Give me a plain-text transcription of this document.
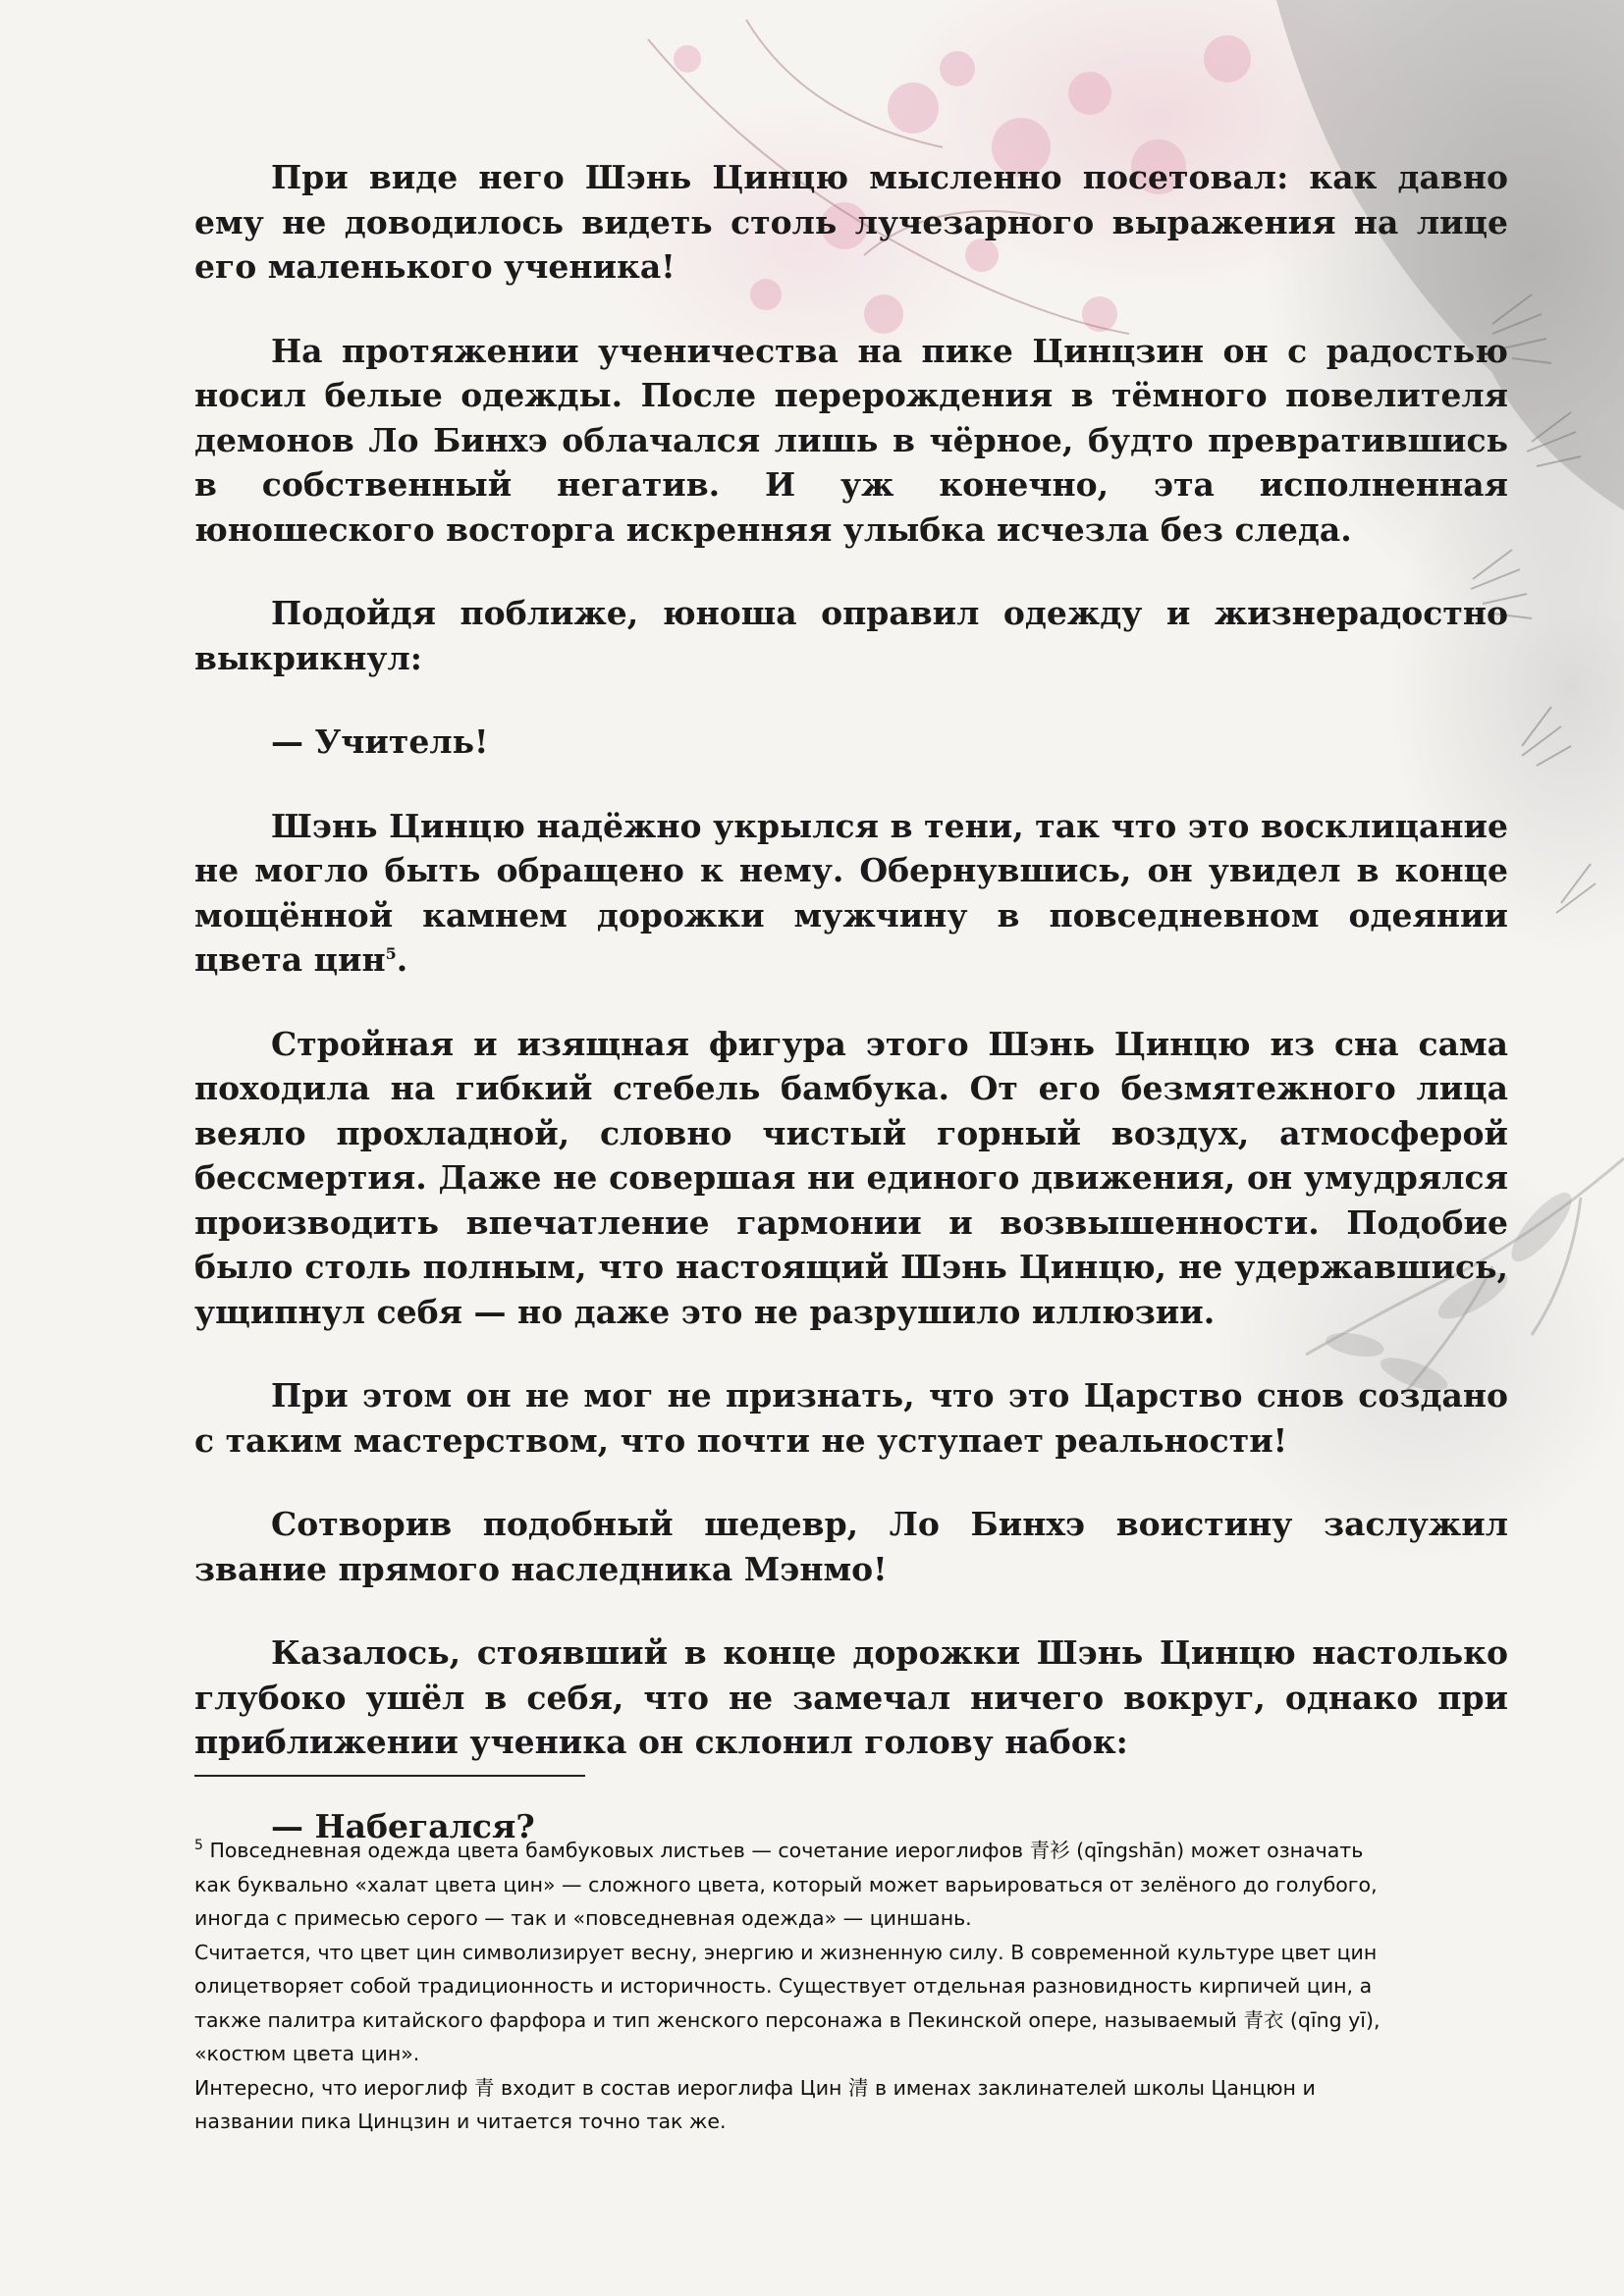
При виде него Шэнь Цинцю мысленно посетовал: как давно ему не доводилось видеть столь лучезарного выражения на лице его маленького ученика!

На протяжении ученичества на пике Цинцзин он с радостью носил белые одежды. После перерождения в тёмного повелителя демонов Ло Бинхэ облачался лишь в чёрное, будто превратившись в собственный негатив. И уж конечно, эта исполненная юношеского восторга искренняя улыбка исчезла без следа.

Подойдя поближе, юноша оправил одежду и жизнерадостно выкрикнул:

— Учитель!

Шэнь Цинцю надёжно укрылся в тени, так что это восклицание не могло быть обращено к нему. Обернувшись, он увидел в конце мощённой камнем дорожки мужчину в повседневном одеянии цвета цин$^5$.

Стройная и изящная фигура этого Шэнь Цинцю из сна сама походила на гибкий стебель бамбука. От его безмятежного лица веяло прохладной, словно чистый горный воздух, атмосферой бессмертия. Даже не совершая ни единого движения, он умудрялся производить впечатление гармонии и возвышенности. Подобие было столь полным, что настоящий Шэнь Цинцю, не удержавшись, ущипнул себя — но даже это не разрушило иллюзии.

При этом он не мог не признать, что это Царство снов создано с таким мастерством, что почти не уступает реальности!

Сотворив подобный шедевр, Ло Бинхэ воистину заслужил звание прямого наследника Мэнмо!

Казалось, стоявший в конце дорожки Шэнь Цинцю настолько глубоко ушёл в себя, что не замечал ничего вокруг, однако при приближении ученика он склонил голову набок:

— Набегался?

$^5$ Повседневная одежда цвета бамбуковых листьев — сочетание иероглифов 青衫 (qīngshān) может означать

как буквально «халат цвета цин» — сложного цвета, который может варьироваться от зелёного до голубого,

иногда с примесью серого — так и «повседневная одежда» — циншань.

Считается, что цвет цин символизирует весну, энергию и жизненную силу. В современной культуре цвет цин

олицетворяет собой традиционность и историчность. Существует отдельная разновидность кирпичей цин, а

также палитра китайского фарфора и тип женского персонажа в Пекинской опере, называемый 青衣 (qīng yī),

«костюм цвета цин».

Интересно, что иероглиф 青 входит в состав иероглифа Цин 清 в именах заклинателей школы Цанцюн и

названии пика Цинцзин и читается точно так же.
